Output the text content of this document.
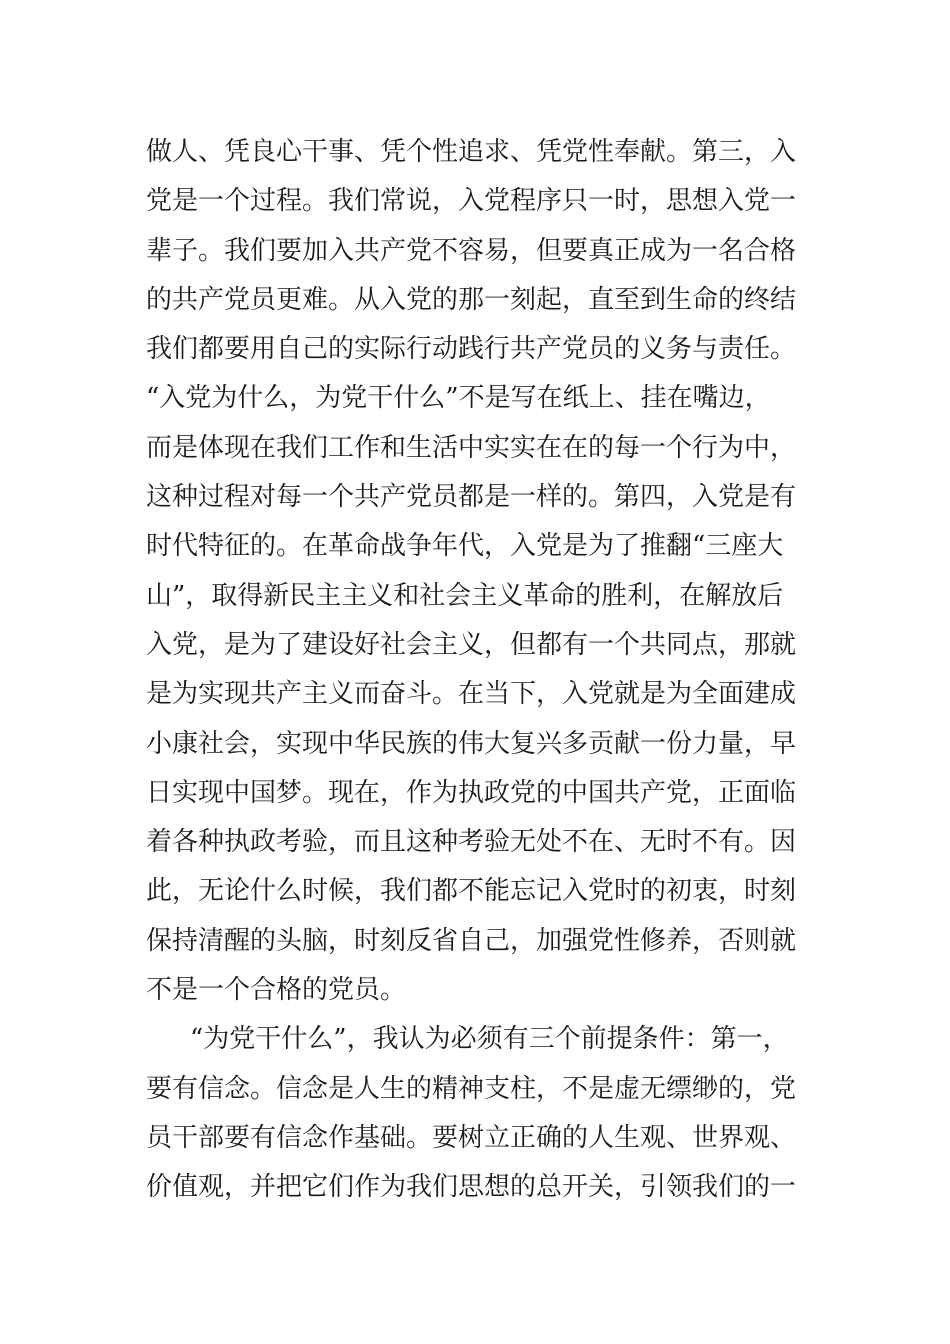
做人、凭良心干事、凭个性追求、凭党性奉献。第三，入
党是一个过程。我们常说，入党程序只一时，思想入党一
辈子。我们要加入共产党不容易，但要真正成为一名合格
的共产党员更难。从入党的那一刻起，直至到生命的终结
我们都要用自己的实际行动践行共产党员的义务与责任。
“入党为什么，为党干什么”不是写在纸上、挂在嘴边，
而是体现在我们工作和生活中实实在在的每一个行为中，
这种过程对每一个共产党员都是一样的。第四，入党是有
时代特征的。在革命战争年代，入党是为了推翻“三座大
山”，取得新民主主义和社会主义革命的胜利，在解放后
入党，是为了建设好社会主义，但都有一个共同点，那就
是为实现共产主义而奋斗。在当下，入党就是为全面建成
小康社会，实现中华民族的伟大复兴多贡献一份力量，早
日实现中国梦。现在，作为执政党的中国共产党，正面临
着各种执政考验，而且这种考验无处不在、无时不有。因
此，无论什么时候，我们都不能忘记入党时的初衷，时刻
保持清醒的头脑，时刻反省自己，加强党性修养，否则就
不是一个合格的党员。
“为党干什么”，我认为必须有三个前提条件：第一，
要有信念。信念是人生的精神支柱，不是虚无缥缈的，党
员干部要有信念作基础。要树立正确的人生观、世界观、
价值观，并把它们作为我们思想的总开关，引领我们的一
